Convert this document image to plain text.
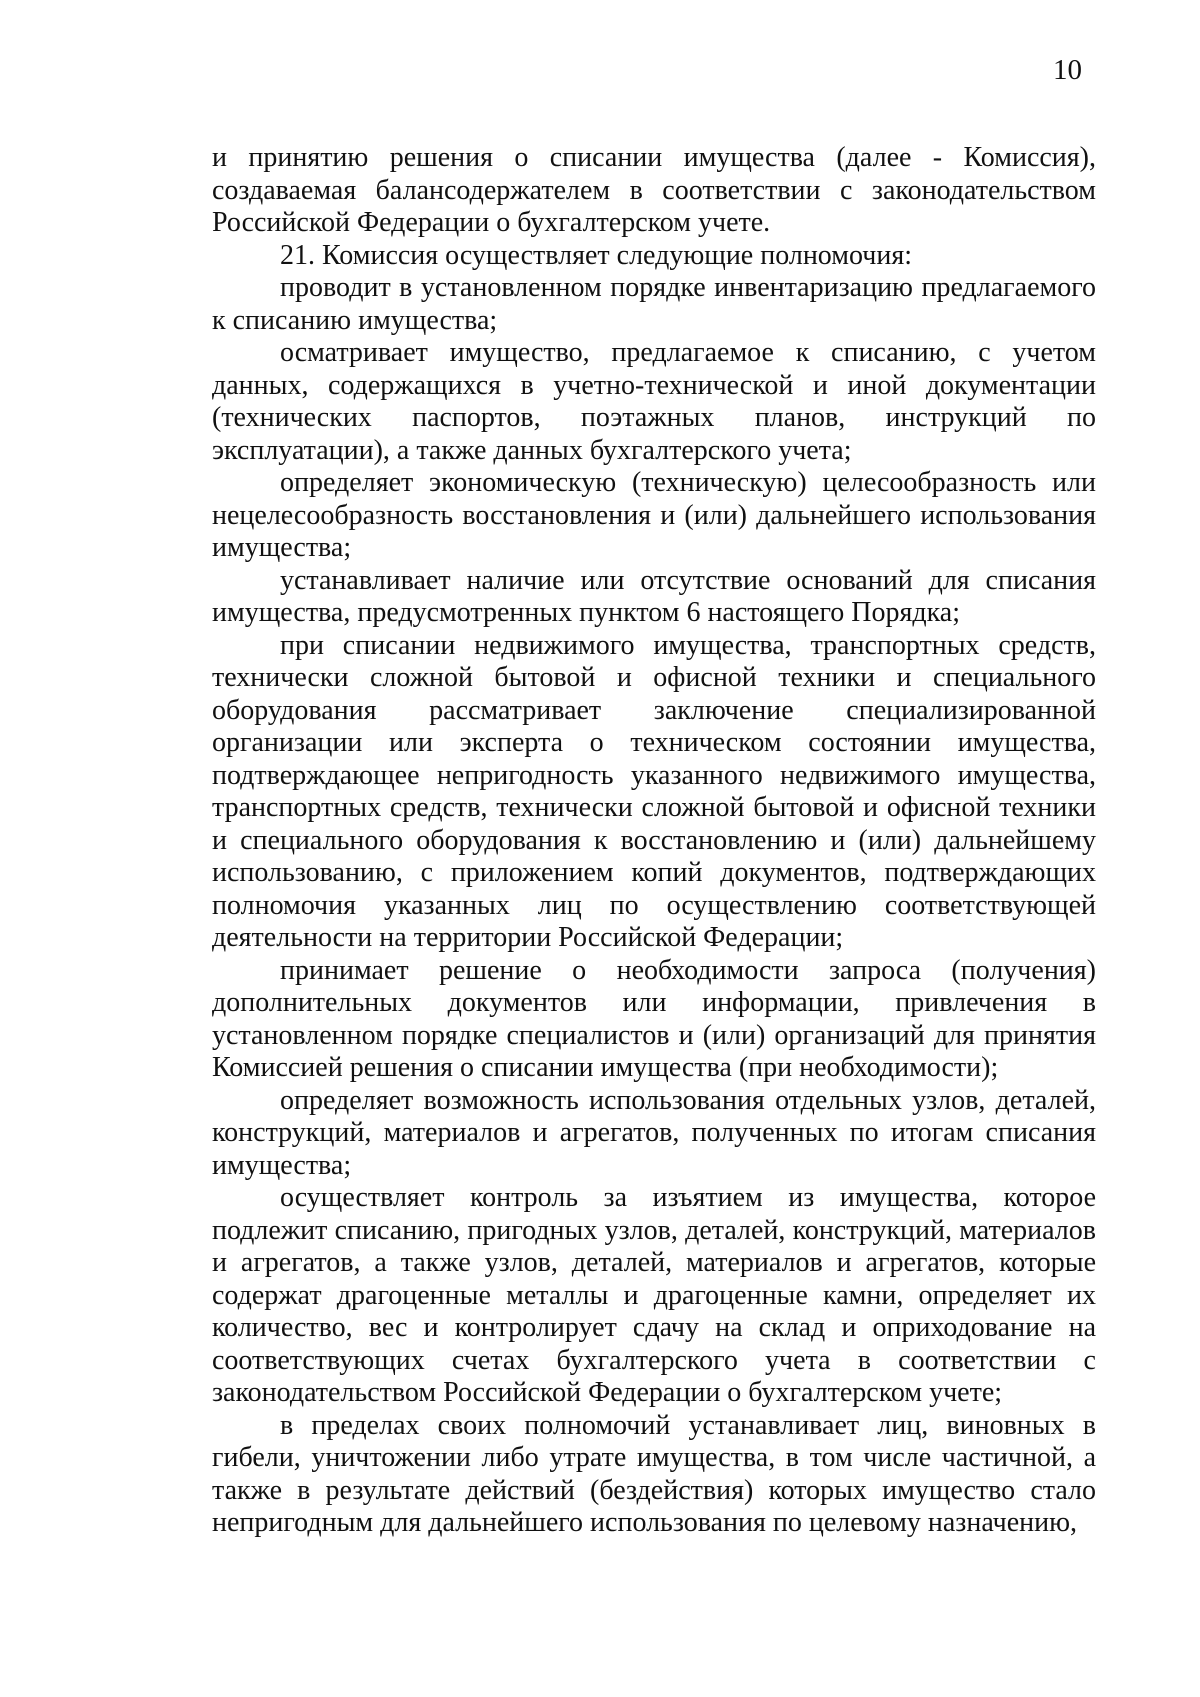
10

и принятию решения о списании имущества (далее - Комиссия), создаваемая балансодержателем в соответствии с законодательством Российской Федерации о бухгалтерском учете.

21. Комиссия осуществляет следующие полномочия:

проводит в установленном порядке инвентаризацию предлагаемого к списанию имущества;

осматривает имущество, предлагаемое к списанию, с учетом данных, содержащихся в учетно-технической и иной документации (технических паспортов, поэтажных планов, инструкций по эксплуатации), а также данных бухгалтерского учета;

определяет экономическую (техническую) целесообразность или нецелесообразность восстановления и (или) дальнейшего использования имущества;

устанавливает наличие или отсутствие оснований для списания имущества, предусмотренных пунктом 6 настоящего Порядка;

при списании недвижимого имущества, транспортных средств, технически сложной бытовой и офисной техники и специального оборудования рассматривает заключение специализированной организации или эксперта о техническом состоянии имущества, подтверждающее непригодность указанного недвижимого имущества, транспортных средств, технически сложной бытовой и офисной техники и специального оборудования к восстановлению и (или) дальнейшему использованию, с приложением копий документов, подтверждающих полномочия указанных лиц по осуществлению соответствующей деятельности на территории Российской Федерации;

принимает решение о необходимости запроса (получения) дополнительных документов или информации, привлечения в установленном порядке специалистов и (или) организаций для принятия Комиссией решения о списании имущества (при необходимости);

определяет возможность использования отдельных узлов, деталей, конструкций, материалов и агрегатов, полученных по итогам списания имущества;

осуществляет контроль за изъятием из имущества, которое подлежит списанию, пригодных узлов, деталей, конструкций, материалов и агрегатов, а также узлов, деталей, материалов и агрегатов, которые содержат драгоценные металлы и драгоценные камни, определяет их количество, вес и контролирует сдачу на склад и оприходование на соответствующих счетах бухгалтерского учета в соответствии с законодательством Российской Федерации о бухгалтерском учете;

в пределах своих полномочий устанавливает лиц, виновных в гибели, уничтожении либо утрате имущества, в том числе частичной, а также в результате действий (бездействия) которых имущество стало непригодным для дальнейшего использования по целевому назначению,
